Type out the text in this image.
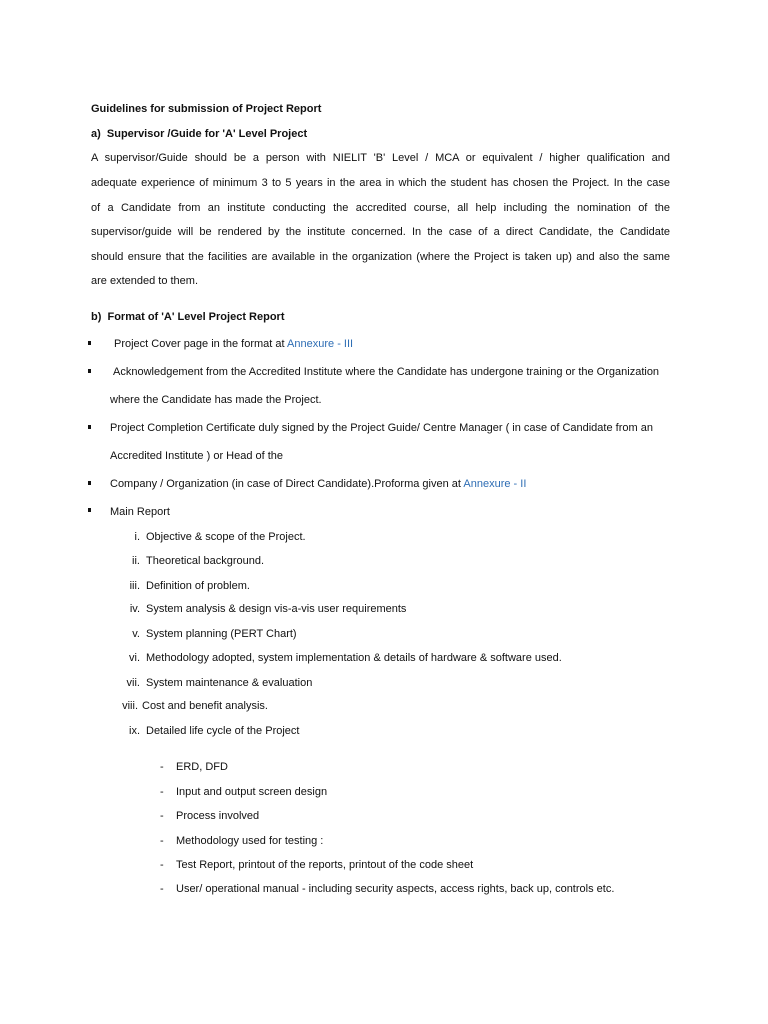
Guidelines for submission of Project Report
a)  Supervisor /Guide for 'A' Level Project
A supervisor/Guide should be a person with NIELIT 'B' Level / MCA or equivalent / higher qualification and
adequate experience of minimum 3 to 5 years in the area in which the student has chosen the Project. In the case
of a Candidate from an institute conducting the accredited course, all help including the nomination of the
supervisor/guide will be rendered by the institute concerned. In the case of a direct Candidate, the Candidate
should ensure that the facilities are available in the organization (where the Project is taken up) and also the same
are extended to them.
b)  Format of 'A' Level Project Report
Project Cover page in the format at Annexure - III
Acknowledgement from the Accredited Institute where the Candidate has undergone training or the Organization
where the Candidate has made the Project.
Project Completion Certificate duly signed by the Project Guide/ Centre Manager ( in case of Candidate from an
Accredited Institute ) or Head of the
Company / Organization (in case of Direct Candidate).Proforma given at Annexure - II
Main Report
i. Objective & scope of the Project.
ii. Theoretical background.
iii. Definition of problem.
iv. System analysis & design vis-a-vis user requirements
v. System planning (PERT Chart)
vi. Methodology adopted, system implementation & details of hardware & software used.
vii. System maintenance & evaluation
viii. Cost and benefit analysis.
ix. Detailed life cycle of the Project
- ERD, DFD
- Input and output screen design
- Process involved
- Methodology used for testing :
- Test Report, printout of the reports, printout of the code sheet
- User/ operational manual - including security aspects, access rights, back up, controls etc.
